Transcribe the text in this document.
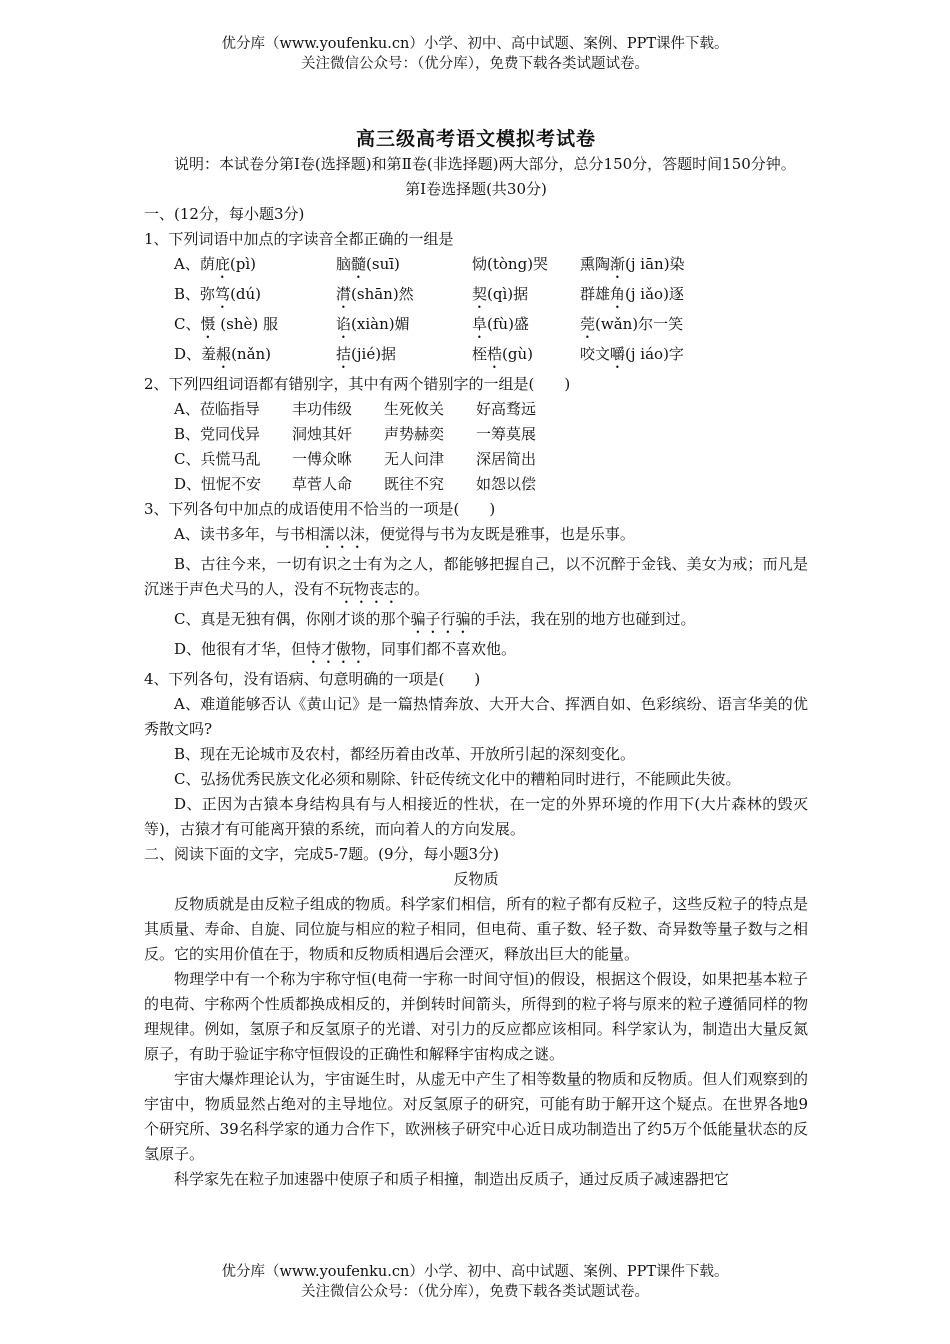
优分库（www.youfenku.cn）小学、初中、高中试题、案例、PPT课件下载。
关注微信公众号：（优分库），免费下载各类试题试卷。
高三级高考语文模拟考试卷
说明：本试卷分第Ⅰ卷(选择题)和第Ⅱ卷(非选择题)两大部分，总分150分，答题时间150分钟。
第Ⅰ卷选择题(共30分)
一、(12分，每小题3分)
1、下列词语中加点的字读音全都正确的一组是
A、荫庇(pì)	脑髓(suī)	恸(tòng)哭	熏陶渐(j iān)染
B、弥笃(dú)	潸(shān)然	契(qì)据	群雄角(j iǎo)逐
C、慑 (shè) 服	谄(xiàn)媚	阜(fù)盛	莞(wǎn)尔一笑
D、羞赧(nǎn)	拮(jié)据	桎梏(gù)	咬文嚼(j iáo)字
2、下列四组词语都有错别字，其中有两个错别字的一组是(　　)
A、莅临指导	丰功伟级	生死攸关	好高骛远
B、党同伐异	洞烛其奸	声势赫奕	一筹莫展
C、兵慌马乱	一傅众咻	无人问津	深居简出
D、忸怩不安	草菅人命	既往不究	如怨以偿
3、下列各句中加点的成语使用不恰当的一项是(　　)
A、读书多年，与书相濡以沫，便觉得与书为友既是雅事，也是乐事。
B、古往今来，一切有识之士有为之人，都能够把握自己，以不沉醉于金钱、美女为戒；而凡是沉迷于声色犬马的人，没有不玩物丧志的。
C、真是无独有偶，你刚才谈的那个骗子行骗的手法，我在别的地方也碰到过。
D、他很有才华，但恃才傲物，同事们都不喜欢他。
4、下列各句，没有语病、句意明确的一项是(　　)
A、难道能够否认《黄山记》是一篇热情奔放、大开大合、挥洒自如、色彩缤纷、语言华美的优秀散文吗?
B、现在无论城市及农村，都经历着由改革、开放所引起的深刻变化。
C、弘扬优秀民族文化必须和剔除、针砭传统文化中的糟粕同时进行，不能顾此失彼。
D、正因为古猿本身结构具有与人相接近的性状，在一定的外界环境的作用下(大片森林的毁灭等)，古猿才有可能离开猿的系统，而向着人的方向发展。
二、阅读下面的文字，完成5-7题。(9分，每小题3分)
反物质
反物质就是由反粒子组成的物质。科学家们相信，所有的粒子都有反粒子，这些反粒子的特点是其质量、寿命、自旋、同位旋与相应的粒子相同，但电荷、重子数、轻子数、奇异数等量子数与之相反。它的实用价值在于，物质和反物质相遇后会湮灭，释放出巨大的能量。
物理学中有一个称为宇称守恒(电荷一宇称一时间守恒)的假设，根据这个假设，如果把基本粒子的电荷、宇称两个性质都换成相反的，并倒转时间箭头，所得到的粒子将与原来的粒子遵循同样的物理规律。例如，氢原子和反氢原子的光谱、对引力的反应都应该相同。科学家认为，制造出大量反氮原子，有助于验证宇称守恒假设的正确性和解释宇宙构成之谜。
宇宙大爆炸理论认为，宇宙诞生时，从虚无中产生了相等数量的物质和反物质。但人们观察到的宇宙中，物质显然占绝对的主导地位。对反氢原子的研究，可能有助于解开这个疑点。在世界各地9个研究所、39名科学家的通力合作下，欧洲核子研究中心近日成功制造出了约5万个低能量状态的反氢原子。
科学家先在粒子加速器中使原子和质子相撞，制造出反质子，通过反质子减速器把它
优分库（www.youfenku.cn）小学、初中、高中试题、案例、PPT课件下载。
关注微信公众号：（优分库），免费下载各类试题试卷。
